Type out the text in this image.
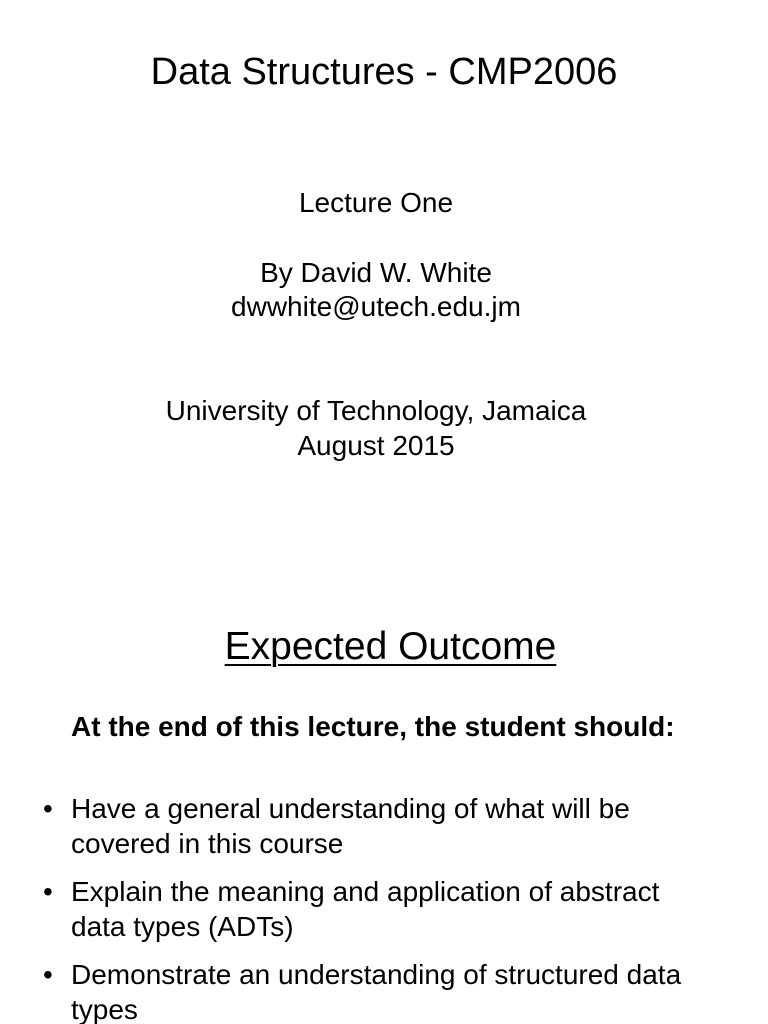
Data Structures - CMP2006
Lecture One
By David W. White
dwwhite@utech.edu.jm
University of Technology, Jamaica
August 2015
Expected Outcome
At the end of this lecture, the student should:
• Have a general understanding of what will be covered in this course
• Explain the meaning and application of abstract data types (ADTs)
• Demonstrate an understanding of structured data types
